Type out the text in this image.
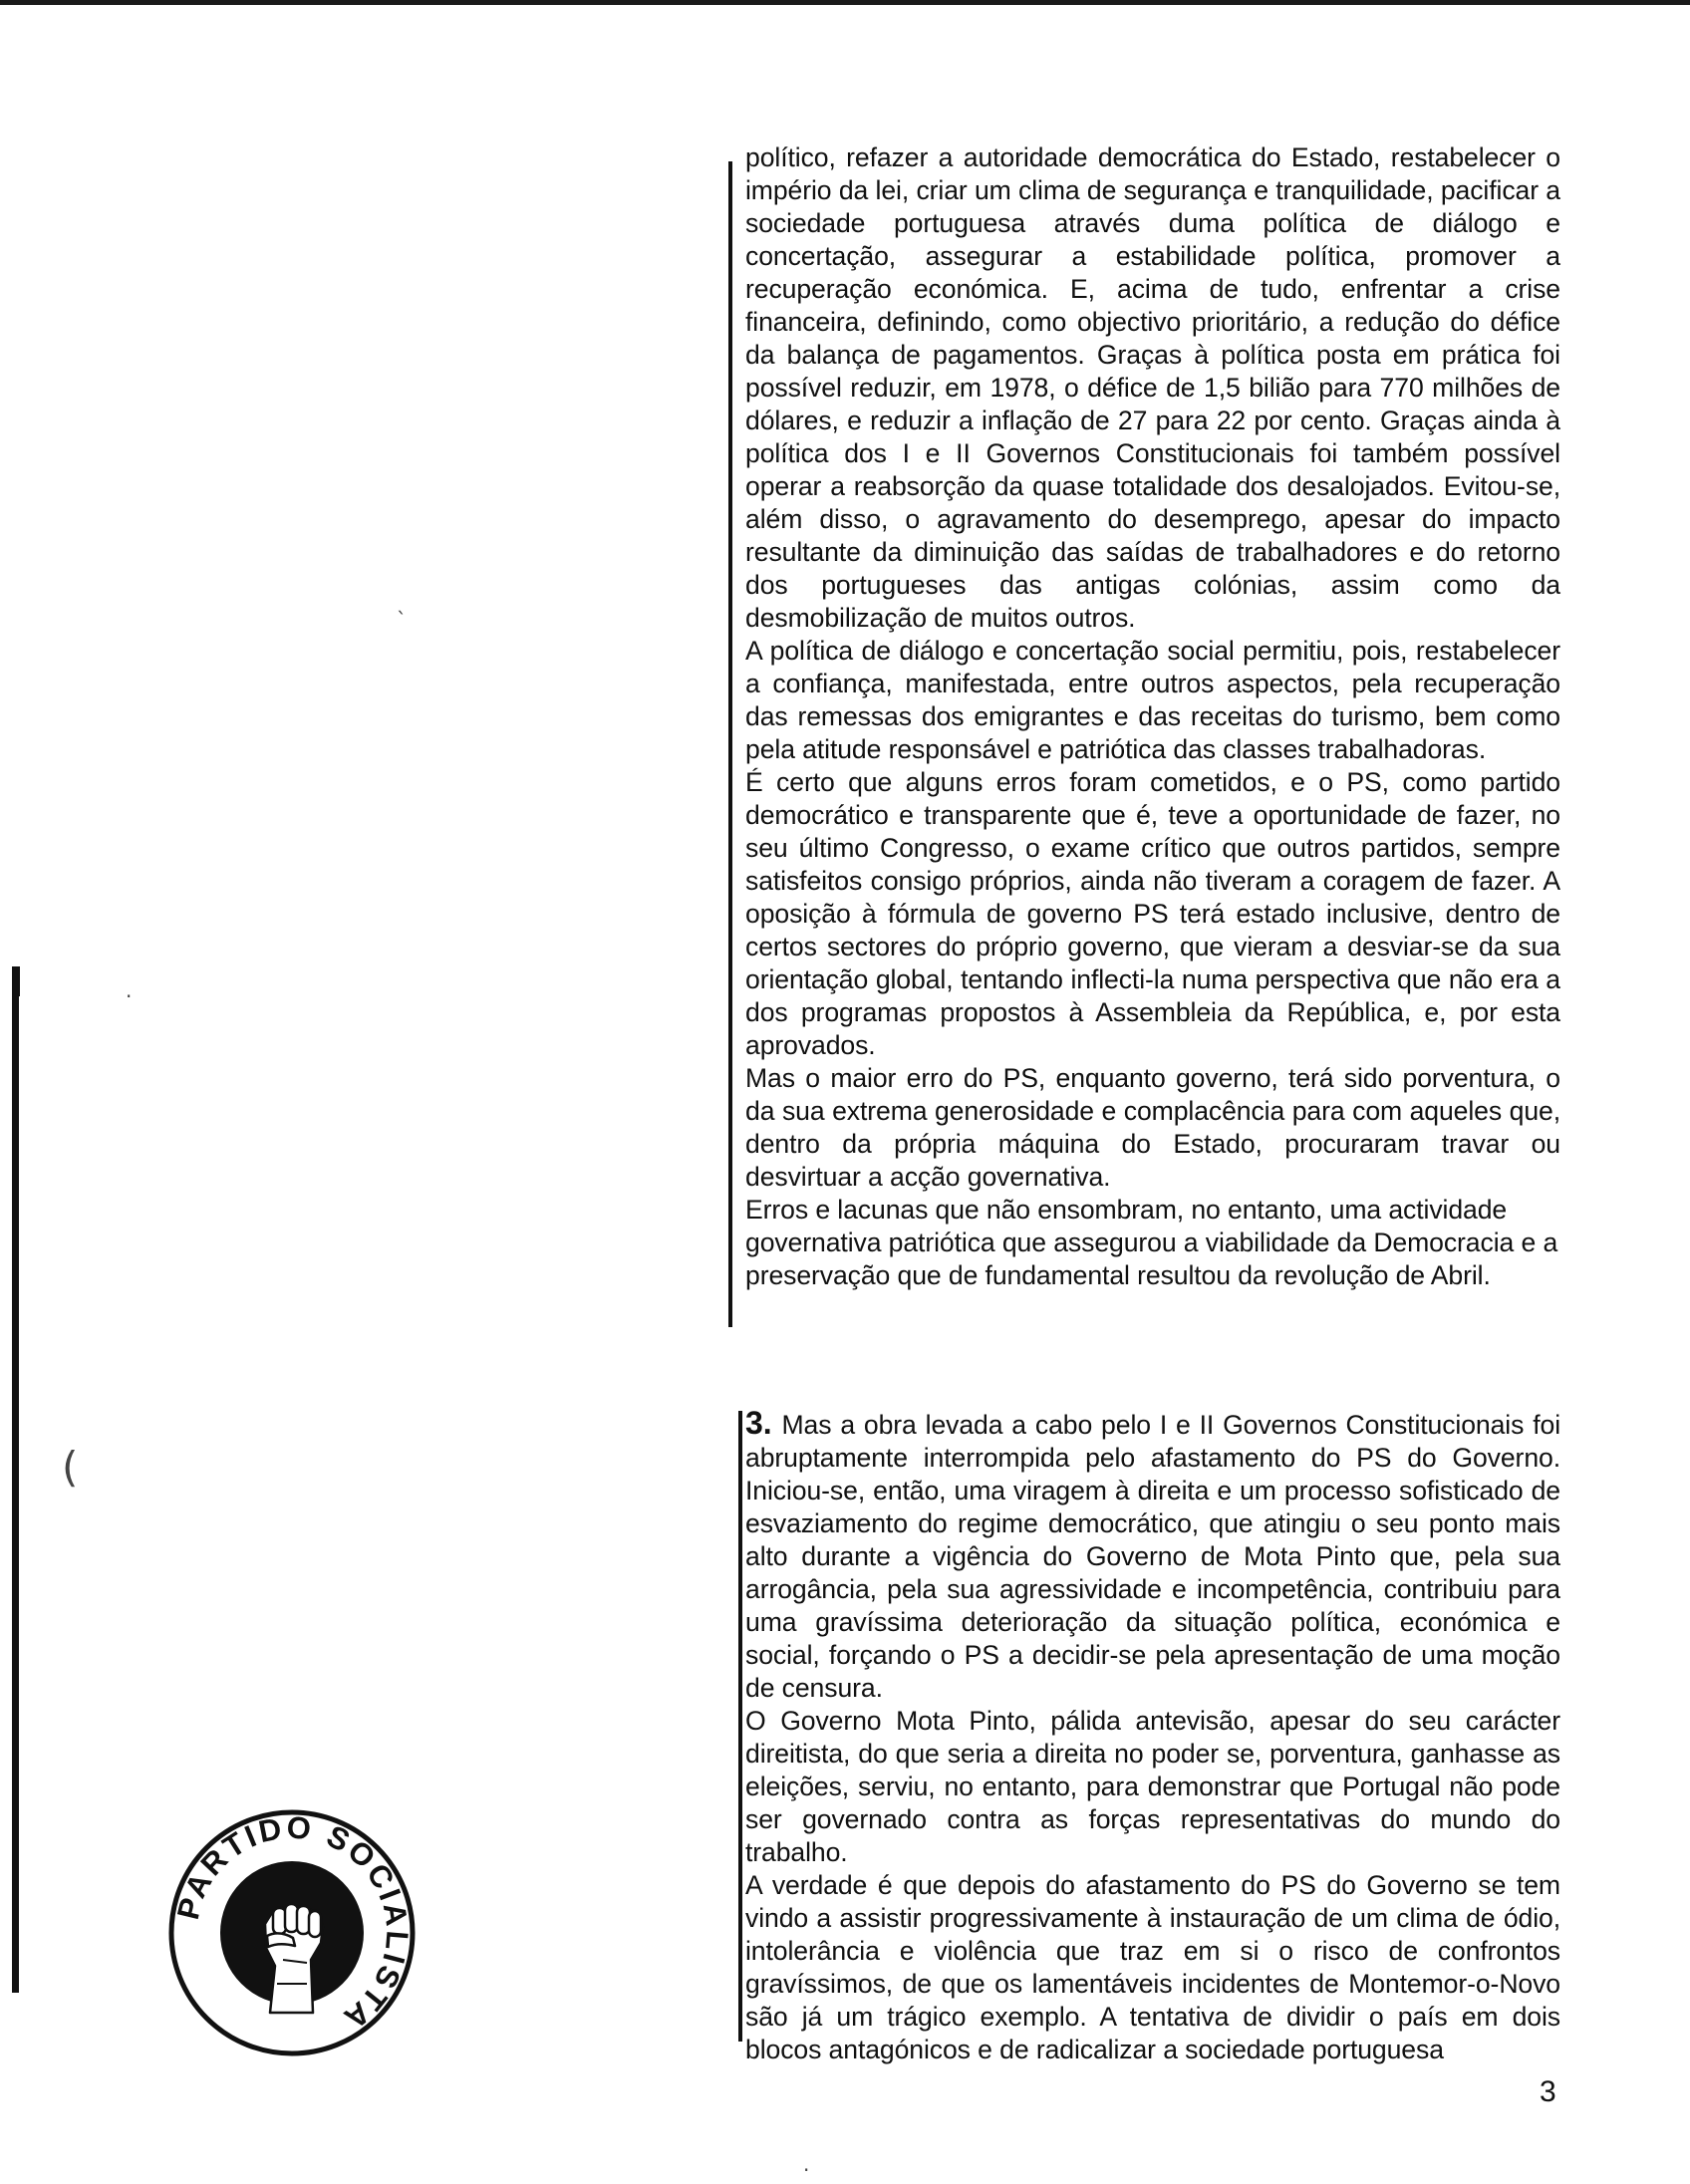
ˋ
·
(
·

político, refazer a autoridade democrática do Estado, restabelecer o império da lei, criar um clima de segurança e tranquilidade, pacificar a sociedade portuguesa através duma política de diálogo e concertação, assegurar a estabilidade política, promover a recuperação económica. E, acima de tudo, enfrentar a crise financeira, definindo, como objectivo prioritário, a redução do défice da balança de pagamentos. Graças à política posta em prática foi possível reduzir, em 1978, o défice de 1,5 bilião para 770 milhões de dólares, e reduzir a inflação de 27 para 22 por cento. Graças ainda à política dos I e II Governos Constitucionais foi também possível operar a reabsorção da quase totalidade dos desalojados. Evitou-se, além disso, o agravamento do desemprego, apesar do impacto resultante da diminuição das saídas de trabalhadores e do retorno dos portugueses das antigas colónias, assim como da desmobilização de muitos outros.

A política de diálogo e concertação social permitiu, pois, restabelecer a confiança, manifestada, entre outros aspectos, pela recuperação das remessas dos emigrantes e das receitas do turismo, bem como pela atitude responsável e patriótica das classes trabalhadoras.

É certo que alguns erros foram cometidos, e o PS, como partido democrático e transparente que é, teve a oportunidade de fazer, no seu último Congresso, o exame crítico que outros partidos, sempre satisfeitos consigo próprios, ainda não tiveram a coragem de fazer. A oposição à fórmula de governo PS terá estado inclusive, dentro de certos sectores do próprio governo, que vieram a desviar-se da sua orientação global, tentando inflecti-la numa perspectiva que não era a dos programas propostos à Assembleia da República, e, por esta aprovados.

Mas o maior erro do PS, enquanto governo, terá sido porventura, o da sua extrema generosidade e complacência para com aqueles que, dentro da própria máquina do Estado, procuraram travar ou desvirtuar a acção governativa.

Erros e lacunas que não ensombram, no entanto, uma actividade governativa patriótica que assegurou a viabilidade da Democracia e a preservação que de fundamental resultou da revolução de Abril.

3. Mas a obra levada a cabo pelo I e II Governos Constitucionais foi abruptamente interrompida pelo afastamento do PS do Governo. Iniciou-se, então, uma viragem à direita e um processo sofisticado de esvaziamento do regime democrático, que atingiu o seu ponto mais alto durante a vigência do Governo de Mota Pinto que, pela sua arrogância, pela sua agressividade e incompetência, contribuiu para uma gravíssima deterioração da situação política, económica e social, forçando o PS a decidir-se pela apresentação de uma moção de censura.

O Governo Mota Pinto, pálida antevisão, apesar do seu carácter direitista, do que seria a direita no poder se, porventura, ganhasse as eleições, serviu, no entanto, para demonstrar que Portugal não pode ser governado contra as forças representativas do mundo do trabalho.

A verdade é que depois do afastamento do PS do Governo se tem vindo a assistir progressivamente à instauração de um clima de ódio, intolerância e violência que traz em si o risco de confrontos gravíssimos, de que os lamentáveis incidentes de Montemor-o-Novo são já um trágico exemplo. A tentativa de dividir o país em dois blocos antagónicos e de radicalizar a sociedade portuguesa

PARTIDO SOCIALISTA
3
